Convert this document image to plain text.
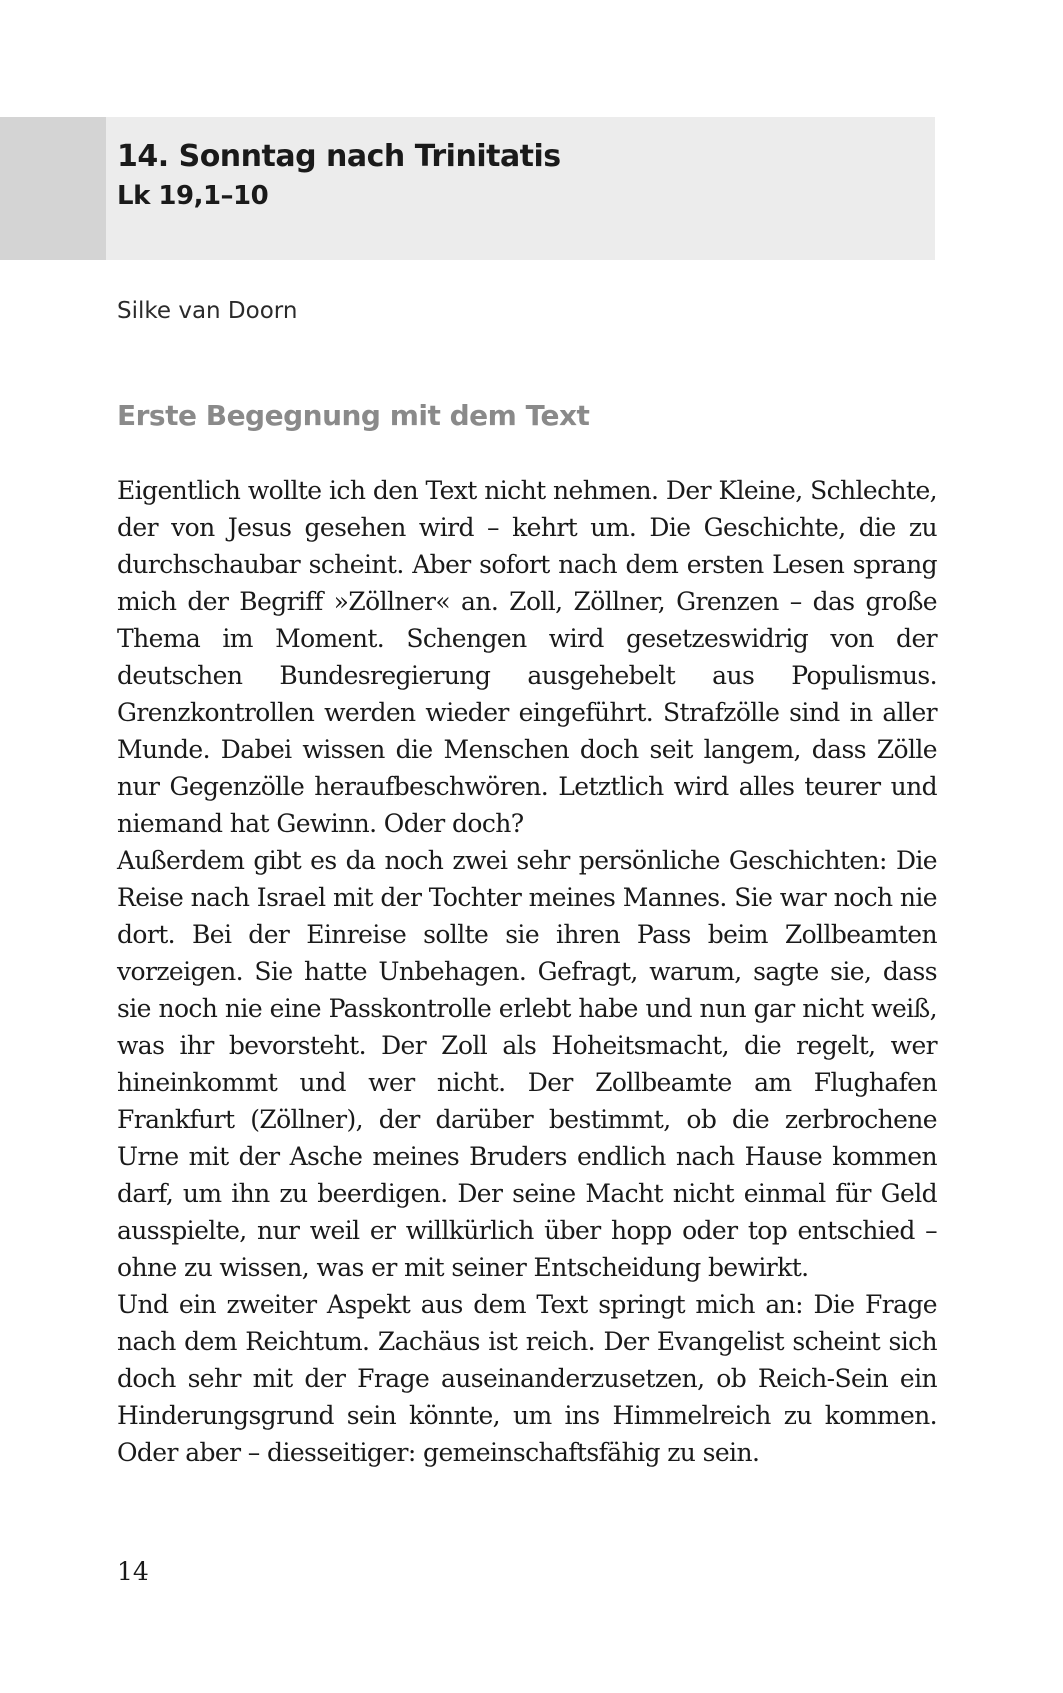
14. Sonntag nach Trinitatis
Lk 19,1–10

Silke van Doorn

Erste Begegnung mit dem Text

Eigentlich wollte ich den Text nicht nehmen. Der Kleine, Schlechte, der von Jesus gesehen wird – kehrt um. Die Geschichte, die zu durchschaubar scheint. Aber sofort nach dem ersten Lesen sprang mich der Begriff »Zöllner« an. Zoll, Zöllner, Grenzen – das große Thema im Moment. Schengen wird gesetzeswidrig von der deutschen Bundesregierung ausgehebelt aus Populismus. Grenzkontrollen werden wieder eingeführt. Strafzölle sind in aller Munde. Dabei wissen die Menschen doch seit langem, dass Zölle nur Gegenzölle heraufbeschwören. Letztlich wird alles teurer und niemand hat Gewinn. Oder doch?
Außerdem gibt es da noch zwei sehr persönliche Geschichten: Die Reise nach Israel mit der Tochter meines Mannes. Sie war noch nie dort. Bei der Einreise sollte sie ihren Pass beim Zollbeamten vorzeigen. Sie hatte Unbehagen. Gefragt, warum, sagte sie, dass sie noch nie eine Passkontrolle erlebt habe und nun gar nicht weiß, was ihr bevorsteht. Der Zoll als Hoheitsmacht, die regelt, wer hineinkommt und wer nicht. Der Zollbeamte am Flughafen Frankfurt (Zöllner), der darüber bestimmt, ob die zerbrochene Urne mit der Asche meines Bruders endlich nach Hause kommen darf, um ihn zu beerdigen. Der seine Macht nicht einmal für Geld ausspielte, nur weil er willkürlich über hopp oder top entschied – ohne zu wissen, was er mit seiner Entscheidung bewirkt.

Und ein zweiter Aspekt aus dem Text springt mich an: Die Frage nach dem Reichtum. Zachäus ist reich. Der Evangelist scheint sich doch sehr mit der Frage auseinanderzusetzen, ob Reich-Sein ein Hinderungsgrund sein könnte, um ins Himmelreich zu kommen. Oder aber – diesseitiger: gemeinschaftsfähig zu sein.

14
